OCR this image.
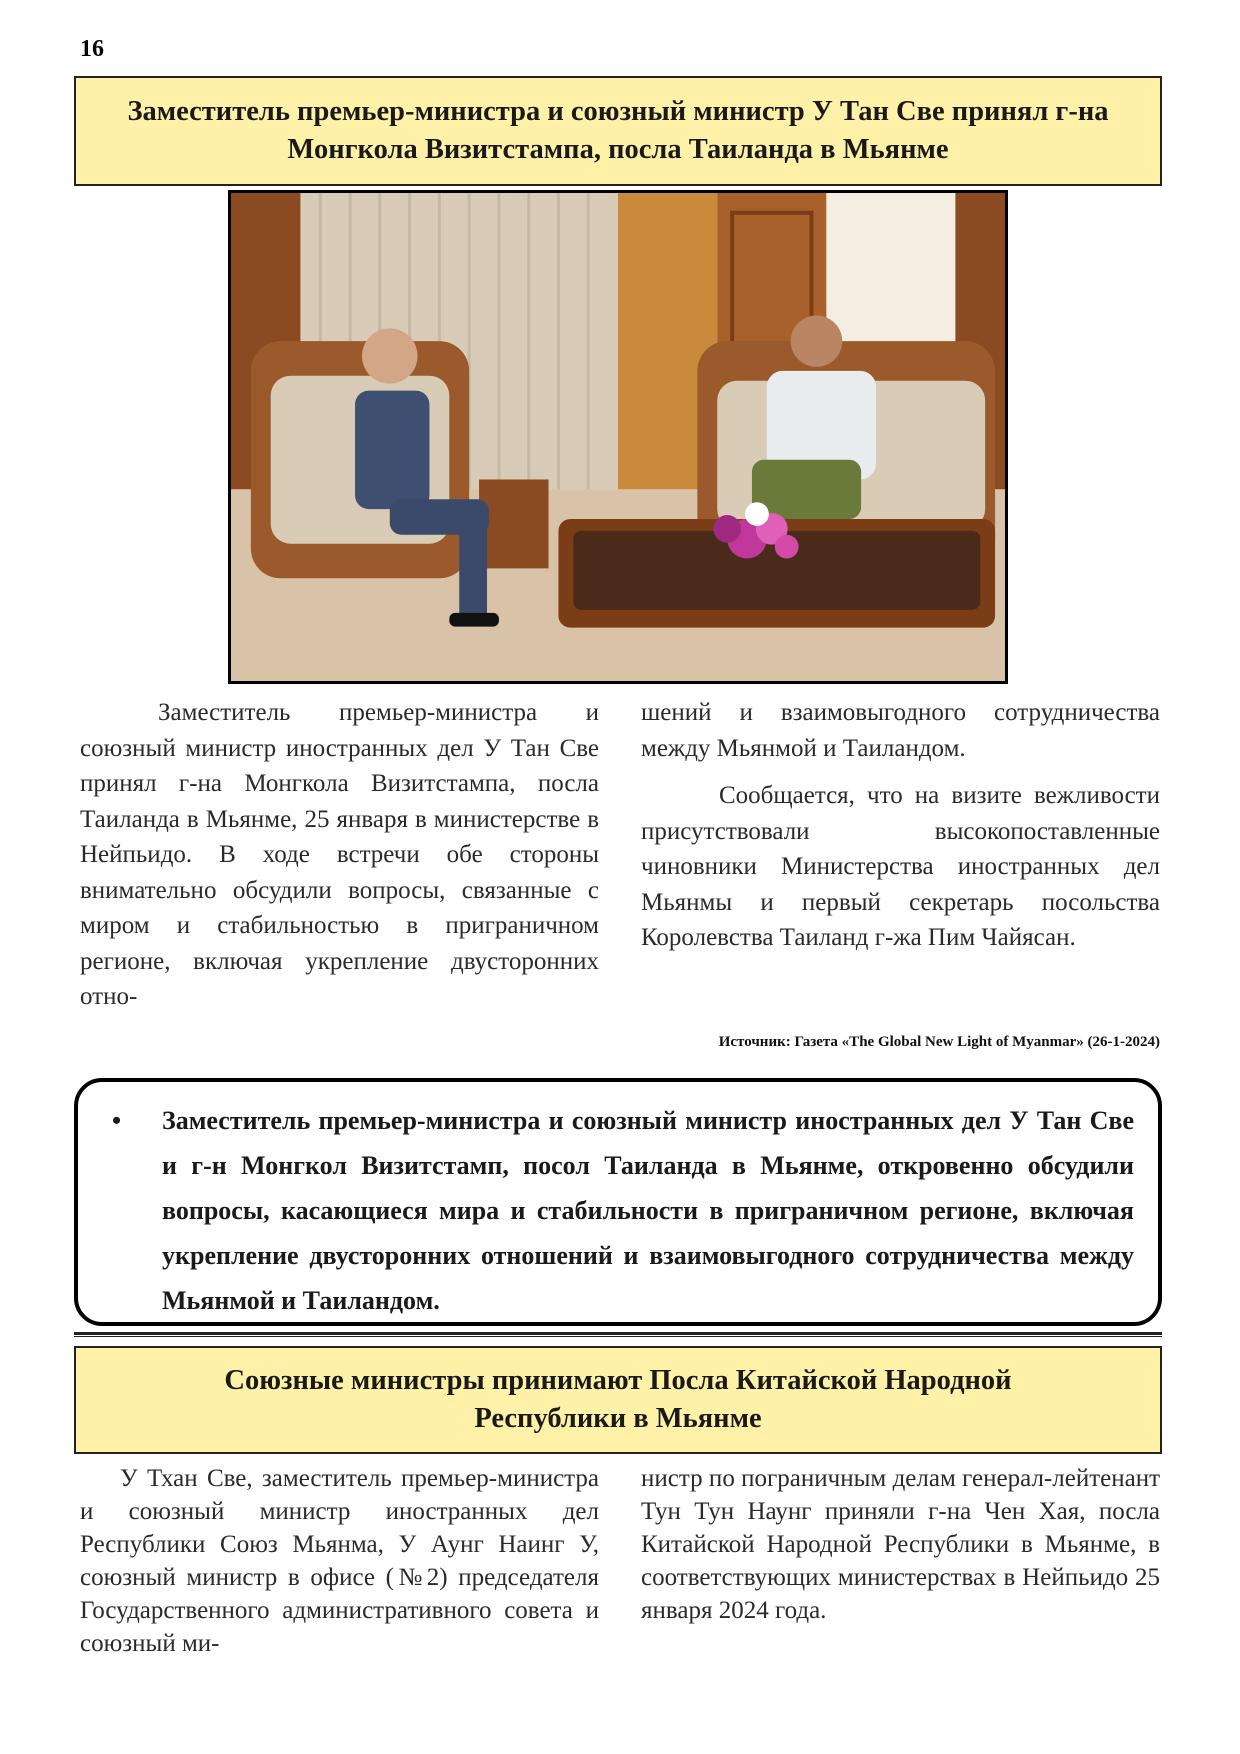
16
Заместитель премьер-министра и союзный министр У Тан Све принял г-на
Монгкола Визитстампа, посла Таиланда в Мьянме

Заместитель премьер-министра и союзный министр иностранных дел У Тан Све принял г-на Монгкола Визитстампа, посла Таиланда в Мьянме, 25 января в министерстве в Нейпьидо. В ходе встречи обе стороны внимательно обсудили вопросы, связанные с миром и стабильностью в приграничном регионе, включая укрепление двусторонних отно-

шений и взаимовыгодного сотрудничества между Мьянмой и Таиландом.

Сообщается, что на визите вежливости присутствовали высокопоставленные чиновники Министерства иностранных дел Мьянмы и первый секретарь посольства Королевства Таиланд г-жа Пим Чайясан.

Источник: Газета «The Global New Light of Myanmar» (26-1-2024)
• Заместитель премьер-министра и союзный министр иностранных дел У Тан Све и г-н Монгкол Визитстамп, посол Таиланда в Мьянме, откровенно обсудили вопросы, касающиеся мира и стабильности в приграничном регионе, включая укрепление двусторонних отношений и взаимовыгодного сотрудничества между Мьянмой и Таиландом.
Союзные министры принимают Посла Китайской Народной
Республики в Мьянме

У Тхан Све, заместитель премьер-министра и союзный министр иностранных дел Республики Союз Мьянма, У Аунг Наинг У, союзный министр в офисе (№2) председателя Государственного административного совета и союзный ми-

нистр по пограничным делам генерал-лейтенант Тун Тун Наунг приняли г-на Чен Хая, посла Китайской Народной Республики в Мьянме, в соответствующих министерствах в Нейпьидо 25 января 2024 года.
